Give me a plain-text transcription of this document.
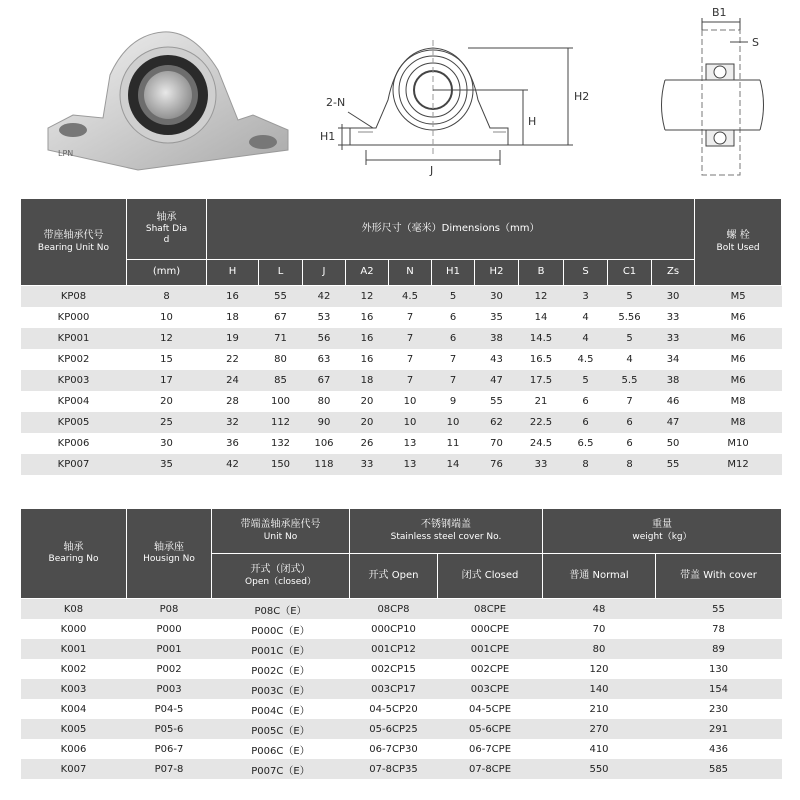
LPN
2-N
H1
J
H
H2
B1
S
带座轴承代号
Bearing Unit No	轴承
Shaft Dia
d	外形尺寸（毫米）Dimensions（mm）											螺 栓
Bolt Used

	(mm)	H	L	J	A2	N	H1	H2	B	S	C1	Zs	
KP08	8	16	55	42	12	4.5	5	30	12	3	5	30	M5
KP000	10	18	67	53	16	7	6	35	14	4	5.56	33	M6
KP001	12	19	71	56	16	7	6	38	14.5	4	5	33	M6
KP002	15	22	80	63	16	7	7	43	16.5	4.5	4	34	M6
KP003	17	24	85	67	18	7	7	47	17.5	5	5.5	38	M6
KP004	20	28	100	80	20	10	9	55	21	6	7	46	M8
KP005	25	32	112	90	20	10	10	62	22.5	6	6	47	M8
KP006	30	36	132	106	26	13	11	70	24.5	6.5	6	50	M10
KP007	35	42	150	118	33	13	14	76	33	8	8	55	M12
轴承
Bearing No	轴承座
Housign No	带端盖轴承座代号
Unit No	不锈钢端盖
Stainless steel cover No.		重量
weight（kg）	

		开式（闭式）
Open（closed）	开式 Open	闭式 Closed	普通 Normal	带盖 With cover

K08	P08	P08C（E）	08CP8	08CPE	48	55
K000	P000	P000C（E）	000CP10	000CPE	70	78
K001	P001	P001C（E）	001CP12	001CPE	80	89
K002	P002	P002C（E）	002CP15	002CPE	120	130
K003	P003	P003C（E）	003CP17	003CPE	140	154
K004	P04-5	P004C（E）	04-5CP20	04-5CPE	210	230
K005	P05-6	P005C（E）	05-6CP25	05-6CPE	270	291
K006	P06-7	P006C（E）	06-7CP30	06-7CPE	410	436
K007	P07-8	P007C（E）	07-8CP35	07-8CPE	550	585
